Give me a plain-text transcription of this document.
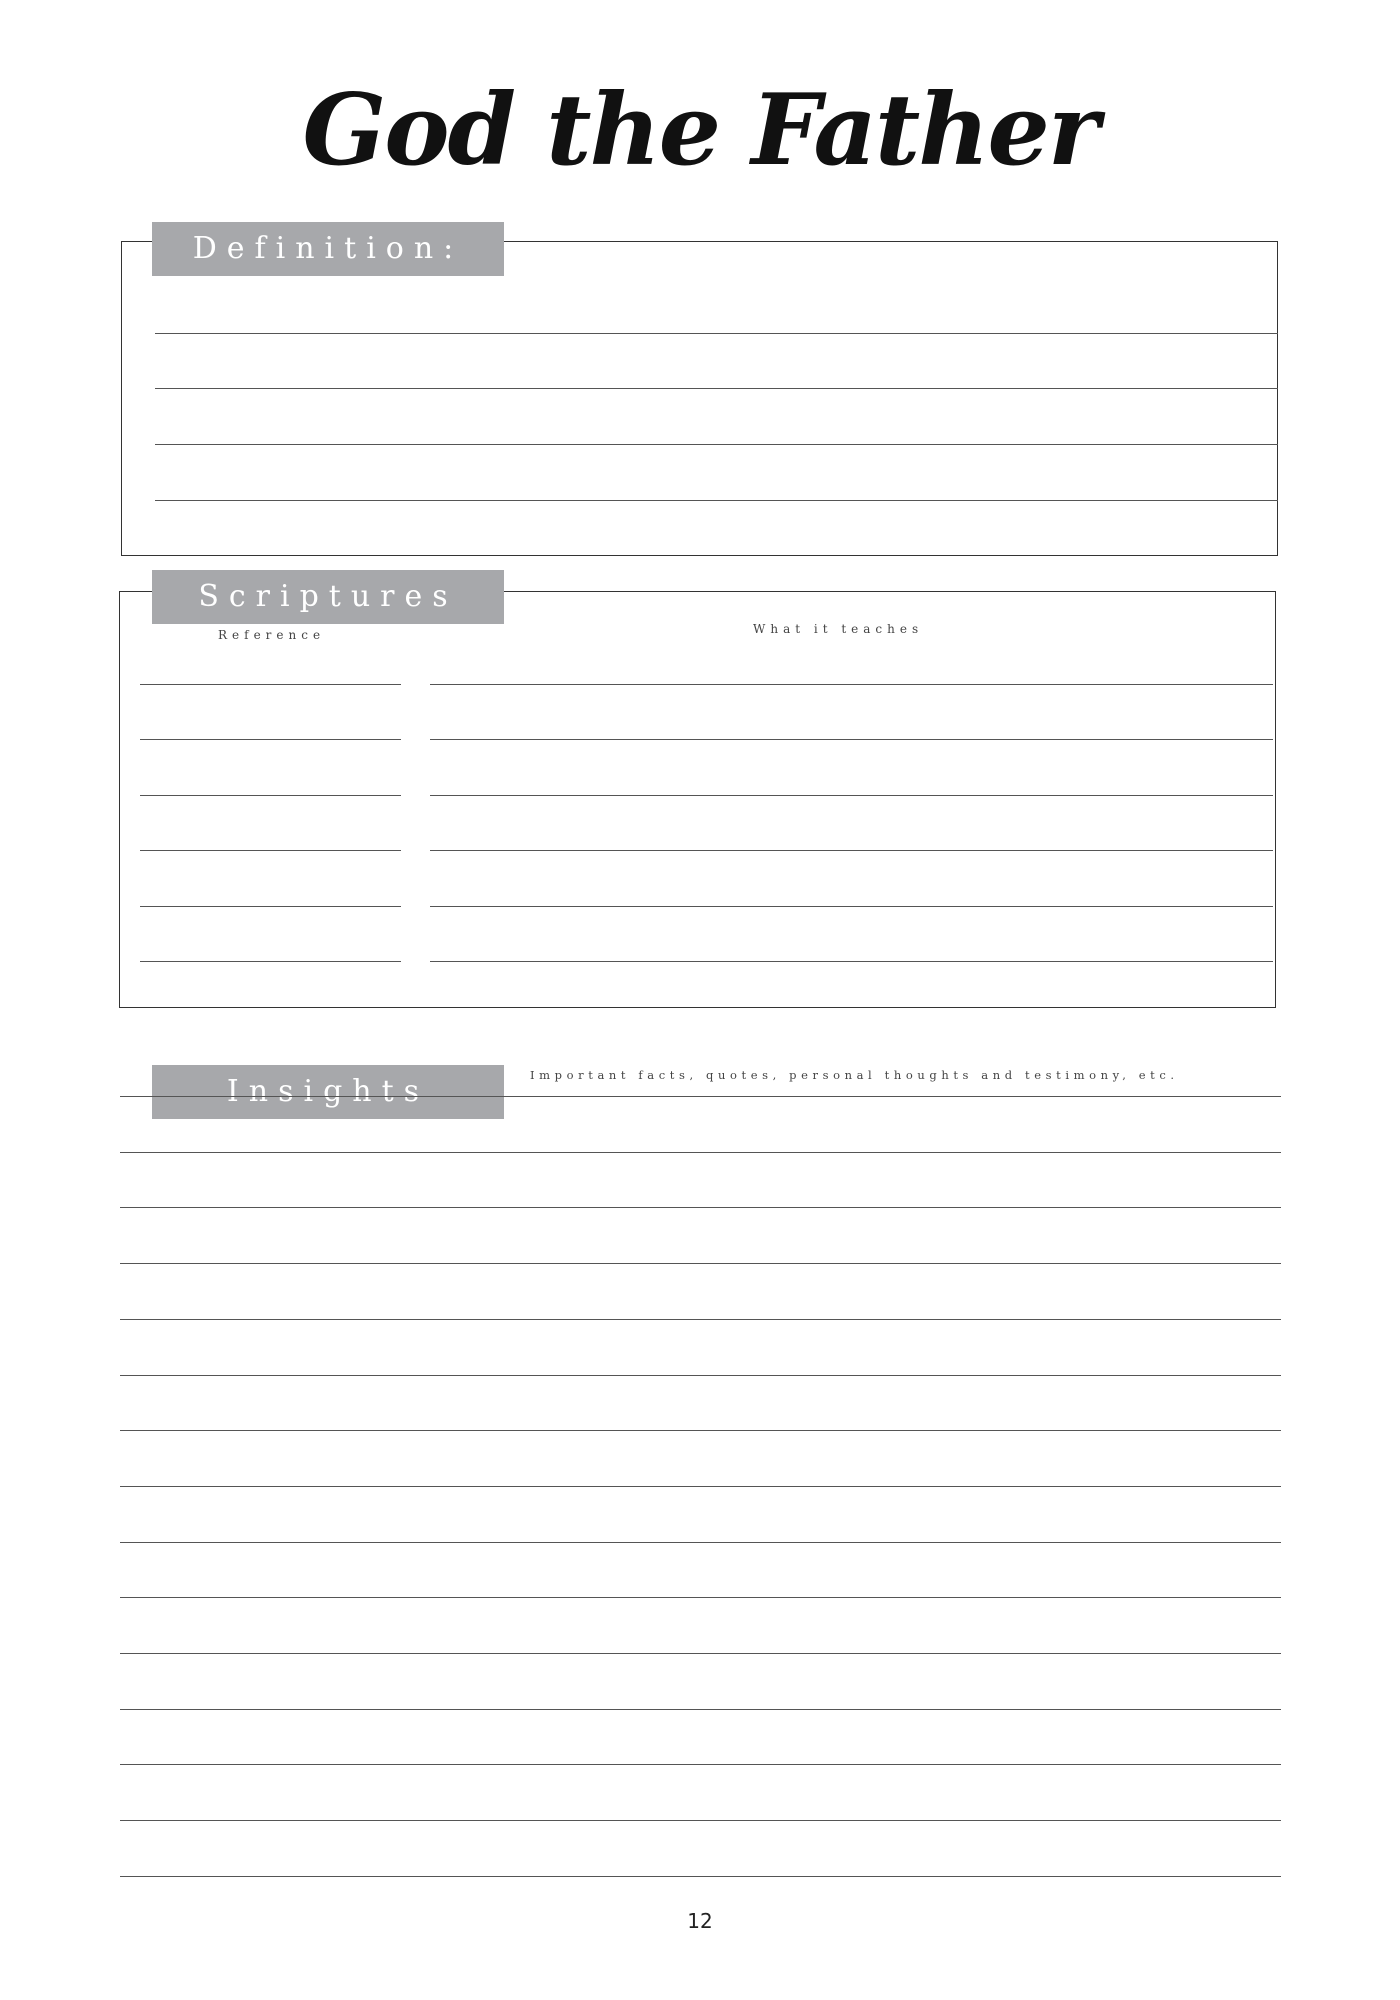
God the Father
Definition:
Scriptures
Reference	What it teaches
Insights	Important facts, quotes, personal thoughts and testimony, etc.
12
